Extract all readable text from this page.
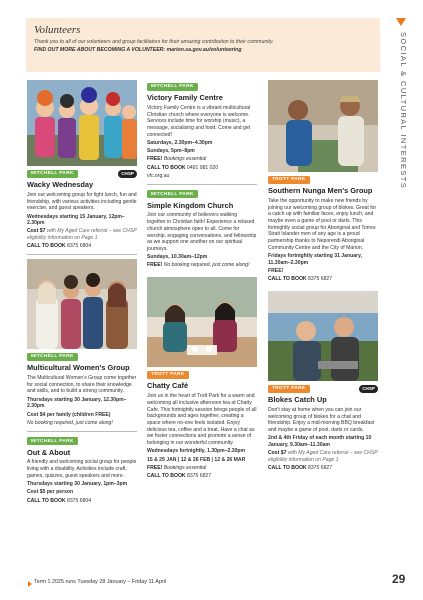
Volunteers
Thank you to all of our volunteers and group facilitators for their amazing contribution to their community.
FIND OUT MORE ABOUT BECOMING A VOLUNTEER: marion.sa.gov.au/volunteering	SOCIAL & CULTURAL INTERESTS
MITCHELL PARK	CHSP
Wacky Wednesday
Join our welcoming group for light lunch, fun and friendship, with various activities including gentle exercise, and guest speakers.
Wednesdays starting 15 January, 12pm–2.30pm
Cost $7 with My Aged Care referral – see CHSP eligibility information on Page 1
CALL TO BOOK 8375 6804
MITCHELL PARK
Multicultural Women's Group
The Multicultural Women's Group come together for social connection, to share their knowledge and skills, and to build a strong community.
Thursdays starting 30 January, 12.30pm–2.30pm
Cost $4 per family (children FREE)
No booking required, just come along!
MITCHELL PARK
Out & About
A friendly and welcoming social group for people living with a disability. Activities include craft, games, quizzes, guest speakers and more.
Thursdays starting 30 January, 1pm–3pm
Cost $5 per person
CALL TO BOOK 8375 6804
MITCHELL PARK
Victory Family Centre
Victory Family Centre is a vibrant multicultural Christian church where everyone is welcome. Services include time for worship (music), a message, socialising and food. Come and get connected!
Saturdays, 2.30pm–4.30pm
Sundays, 5pm–8pm
FREE! Bookings essential
CALL TO BOOK 0491 981 020
vfc.org.au
MITCHELL PARK
Simple Kingdom Church
Join our community of believers walking together in Christian faith! Experience a relaxed church atmosphere open to all. Come for worship, engaging conversations, and fellowship as we support one another on our spiritual journeys.
Sundays, 10.30am–12pm
FREE! No booking required, just come along!
TROTT PARK
Chatty Café
Join us in the heart of Trott Park for a warm and welcoming all inclusive afternoon tea at Chatty Cafe. This fortnightly session brings people of all backgrounds and ages together, creating a space where no-one feels isolated. Enjoy delicious tea, coffee and a treat. Have a chat as we foster connections and promote a sense of belonging in our wonderful community.
Wednesdays fortnightly, 1.30pm–2.30pm
15 & 29 JAN | 12 & 26 FEB | 12 & 26 MAR
FREE! Bookings essential
CALL TO BOOK 8375 6827
TROTT PARK
Southern Nunga Men's Group
Take the opportunity to make new friends by joining our welcoming group of blokes. Great for a catch up with familiar faces, enjoy lunch, and maybe even a game of pool or darts. This fortnightly social group for Aboriginal and Torres Strait Islander men of any age is a proud partnership thanks to Neporendi Aboriginal Community Centre and the City of Marion.
Fridays fortnightly starting 31 January, 11.30am–2.30pm
FREE!
CALL TO BOOK 8375 6827
TROTT PARK	CHSP
Blokes Catch Up
Don't stay at home when you can join our welcoming group of blokes for a chat and friendship. Enjoy a mid-morning BBQ breakfast and maybe a game of pool, darts or cards.
2nd & 4th Friday of each month starting 10 January, 9.30am–11.30am
Cost $7 with My Aged Care referral – see CHSP eligibility information on Page 1
CALL TO BOOK 8375 6827
Term 1 2025 runs Tuesday 28 January – Friday 11 April	29
